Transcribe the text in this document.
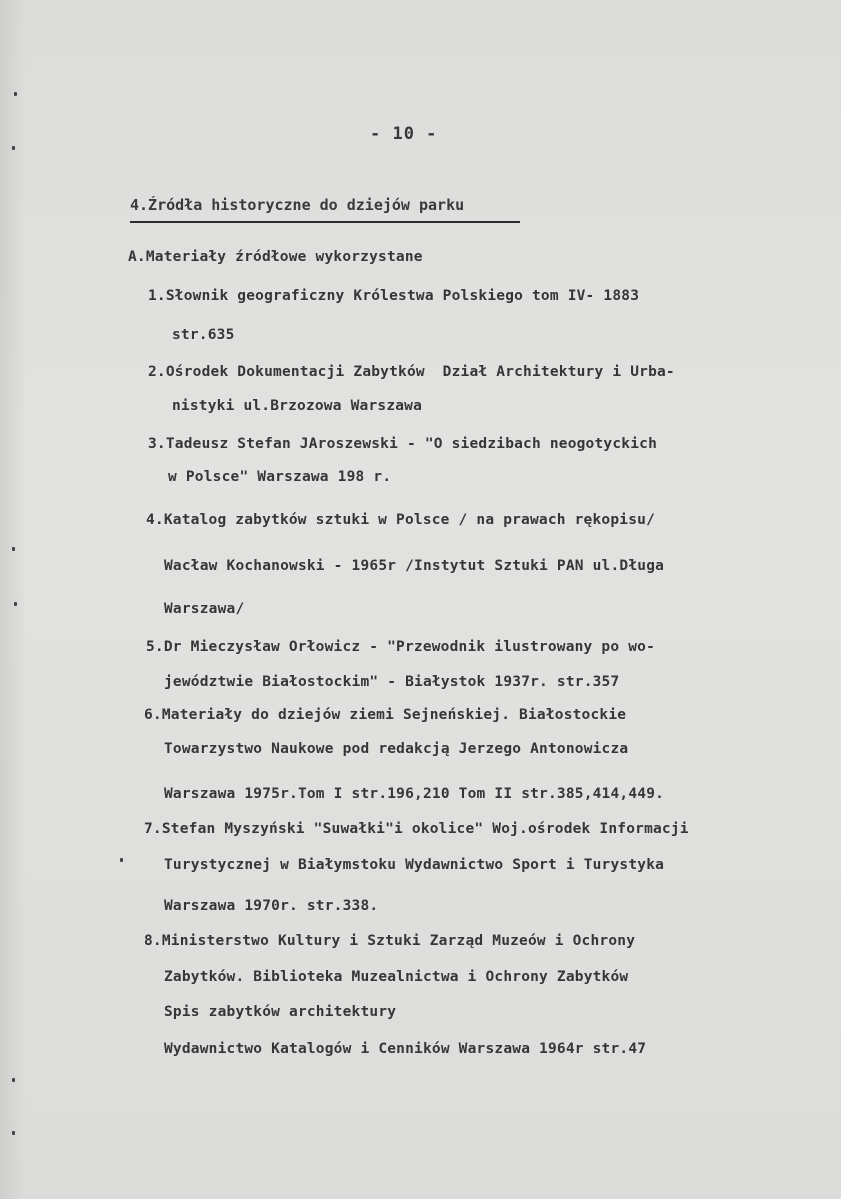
- 10 -
4.Źródła historyczne do dziejów parku
A.Materiały źródłowe wykorzystane
1.Słownik geograficzny Królestwa Polskiego tom IV- 1883
str.635
2.Ośrodek Dokumentacji Zabytków  Dział Architektury i Urba-
nistyki ul.Brzozowa Warszawa
3.Tadeusz Stefan JAroszewski - "O siedzibach neogotyckich
w Polsce" Warszawa 198 r.
4.Katalog zabytków sztuki w Polsce / na prawach rękopisu/
Wacław Kochanowski - 1965r /Instytut Sztuki PAN ul.Długa
Warszawa/
5.Dr Mieczysław Orłowicz - "Przewodnik ilustrowany po wo-
jewództwie Białostockim" - Białystok 1937r. str.357
6.Materiały do dziejów ziemi Sejneńskiej. Białostockie
Towarzystwo Naukowe pod redakcją Jerzego Antonowicza
Warszawa 1975r.Tom I str.196,210 Tom II str.385,414,449.
7.Stefan Myszyński "Suwałki"i okolice" Woj.ośrodek Informacji
Turystycznej w Białymstoku Wydawnictwo Sport i Turystyka
Warszawa 1970r. str.338.
8.Ministerstwo Kultury i Sztuki Zarząd Muzeów i Ochrony
Zabytków. Biblioteka Muzealnictwa i Ochrony Zabytków
Spis zabytków architektury
Wydawnictwo Katalogów i Cenników Warszawa 1964r str.47
